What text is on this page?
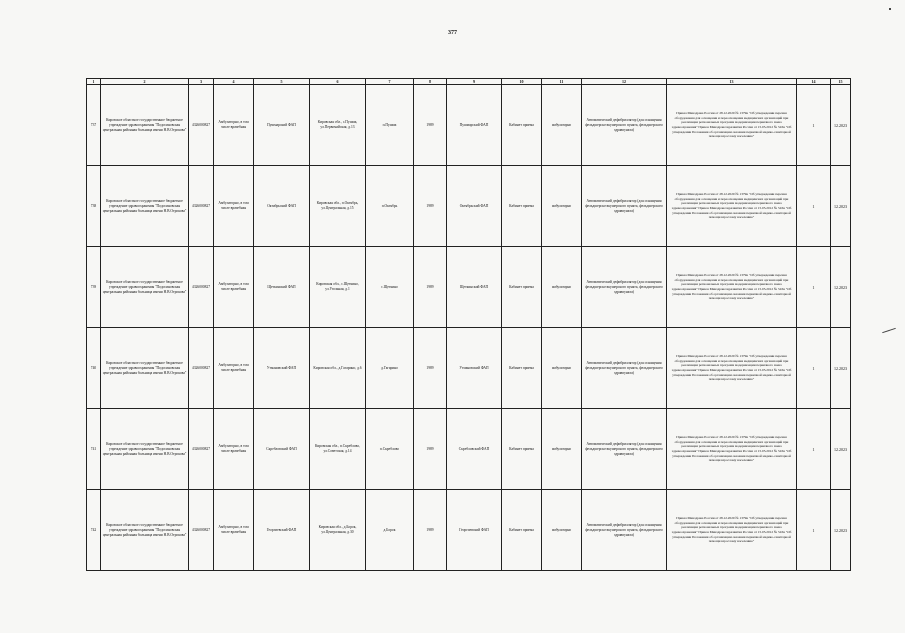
377
1	2	3	4	5	6	7	8	9	10	11	12	13	14	15
737	Кировское областное государственное бюджетное учреждение здравоохранения "Подосиновская центральная районная больница имени Н.В.Отрокова"	4326000827	Амбулаторно, в том числе врачебная	Пушмарский ФАП	Кировская обл., с.Пушма, ул.Первомайская, д.13	п.Пушма	1989	Пушмарский ФАП	Кабинет приема	амбулаторно	Автоматический дефибриллятор (для оснащения фельдшерско-акушерского пункта, фельдшерского здравпункта)	Приказ Минздрава России от 28.12.2020 № 1379н "Об утверждении перечня оборудования для оснащения и переоснащения медицинских организаций при реализации региональных программ модернизации первичного звена здравоохранения" Приказ Минздравсоцразвития России от 15.05.2012 № 543н "Об утверждении Положения об организации оказания первичной медико-санитарной помощи взрослому населению"	1	12.2023
738	Кировское областное государственное бюджетное учреждение здравоохранения "Подосиновская центральная районная больница имени Н.В.Отрокова"	4326000827	Амбулаторно, в том числе врачебная	Октябрьский ФАП	Кировская обл., п.Октябрь, ул.Центральная, д.15	п.Октябрь	1989	Октябрьский ФАП	Кабинет приема	амбулаторно	Автоматический дефибриллятор (для оснащения фельдшерско-акушерского пункта, фельдшерского здравпункта)	Приказ Минздрава России от 28.12.2020 № 1379н "Об утверждении перечня оборудования для оснащения и переоснащения медицинских организаций при реализации региональных программ модернизации первичного звена здравоохранения" Приказ Минздравсоцразвития России от 15.05.2012 № 543н "Об утверждении Положения об организации оказания первичной медико-санитарной помощи взрослому населению"	1	12.2023
739	Кировское областное государственное бюджетное учреждение здравоохранения "Подосиновская центральная районная больница имени Н.В.Отрокова"	4326000827	Амбулаторно, в том числе врачебная	Щеткинский ФАП	Кировская обл., с.Щеткино, ул.Угольная, д.1	с.Щеткино	1989	Щеткинский ФАП	Кабинет приема	амбулаторно	Автоматический дефибриллятор (для оснащения фельдшерско-акушерского пункта, фельдшерского здравпункта)	Приказ Минздрава России от 28.12.2020 № 1379н "Об утверждении перечня оборудования для оснащения и переоснащения медицинских организаций при реализации региональных программ модернизации первичного звена здравоохранения" Приказ Минздравсоцразвития России от 15.05.2012 № 543н "Об утверждении Положения об организации оказания первичной медико-санитарной помощи взрослому населению"	1	12.2023
740	Кировское областное государственное бюджетное учреждение здравоохранения "Подосиновская центральная районная больница имени Н.В.Отрокова"	4326000827	Амбулаторно, в том числе врачебная	Утмановский ФАП	Кировская обл., д.Гагарино, д.6	д.Гагарино	1989	Утмановский ФАП	Кабинет приема	амбулаторно	Автоматический дефибриллятор (для оснащения фельдшерско-акушерского пункта, фельдшерского здравпункта)	Приказ Минздрава России от 28.12.2020 № 1379н "Об утверждении перечня оборудования для оснащения и переоснащения медицинских организаций при реализации региональных программ модернизации первичного звена здравоохранения" Приказ Минздравсоцразвития России от 15.05.2012 № 543н "Об утверждении Положения об организации оказания первичной медико-санитарной помощи взрослому населению"	1	12.2023
741	Кировское областное государственное бюджетное учреждение здравоохранения "Подосиновская центральная районная больница имени Н.В.Отрокова"	4326000827	Амбулаторно, в том числе врачебная	Скребловский ФАП	Кировская обл., п.Скреблово, ул.Советская, д.14	п.Скреблово	1989	Скребловский ФАП	Кабинет приема	амбулаторно	Автоматический дефибриллятор (для оснащения фельдшерско-акушерского пункта, фельдшерского здравпункта)	Приказ Минздрава России от 28.12.2020 № 1379н "Об утверждении перечня оборудования для оснащения и переоснащения медицинских организаций при реализации региональных программ модернизации первичного звена здравоохранения" Приказ Минздравсоцразвития России от 15.05.2012 № 543н "Об утверждении Положения об организации оказания первичной медико-санитарной помощи взрослому населению"	1	12.2023
742	Кировское областное государственное бюджетное учреждение здравоохранения "Подосиновская центральная районная больница имени Н.В.Отрокова"	4326000827	Амбулаторно, в том числе врачебная	Георгиевский ФАП	Кировская обл., д.Борок, ул.Центральная, д.30	д.Борок	1989	Георгиевский ФАП	Кабинет приема	амбулаторно	Автоматический дефибриллятор (для оснащения фельдшерско-акушерского пункта, фельдшерского здравпункта)	Приказ Минздрава России от 28.12.2020 № 1379н "Об утверждении перечня оборудования для оснащения и переоснащения медицинских организаций при реализации региональных программ модернизации первичного звена здравоохранения" Приказ Минздравсоцразвития России от 15.05.2012 № 543н "Об утверждении Положения об организации оказания первичной медико-санитарной помощи взрослому населению"	1	12.2023
